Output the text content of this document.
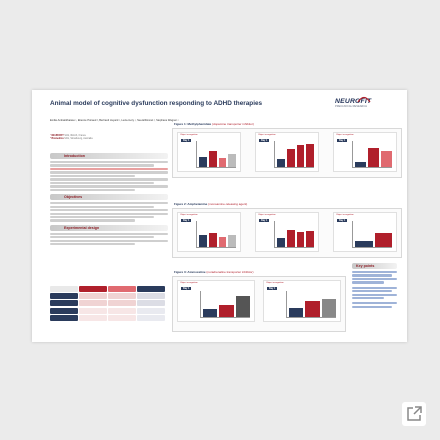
Animal model of cognitive dysfunction responding to ADHD therapies	NEUROFIT
PRECLINICAL RESEARCH
Emilie Ambattirbaisse ¹, Etienne Poiraud ², Bertrand Huyard ¹, Lucie-Gory ¹, Sue-ElDonnel ², Stephane Wagner ¹
¹ NEUROFIT SAS, Illkirch, France
² Biomedica SAS, Strasbourg, Australia
Introduction
Objectives
Experimental design
Figure 1: Methylphenidate (dopamine transporter inhibitor)
Object recognition
Day 1
Object recognition
Day 1
Object recognition
Day 1
Figure 2: Amphetamine (monoamine-releasing agent)
Object recognition
Day 1
Object recognition
Day 1
Object recognition
Day 1
Figure 3: Atomoxetine (noradrenaline transporter inhibitor)
Object recognition
Day 1
Object recognition
Day 1
Key points
